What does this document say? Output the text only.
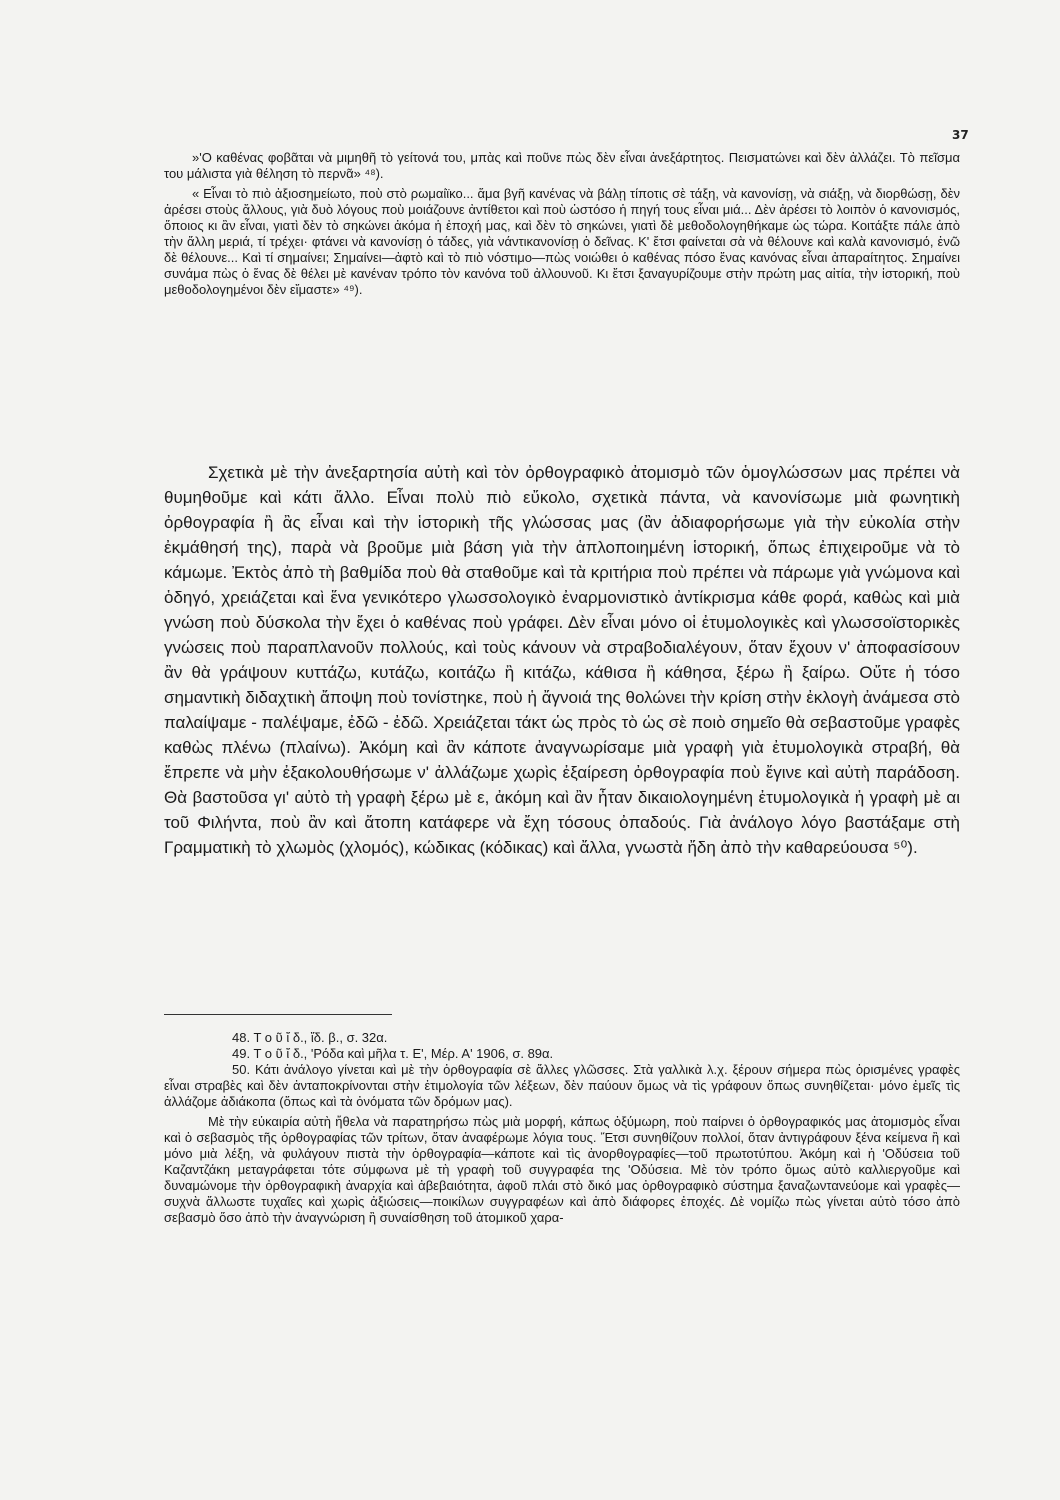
37

»'Ο καθένας φοβᾶται νὰ μιμηθῆ τὸ γείτονά του, μπὰς καὶ ποῦνε πὼς δὲν εἶναι ἀνεξάρτητος. Πεισματώνει καὶ δὲν ἀλλάζει. Τὸ πεῖσμα του μάλιστα γιὰ θέληση τὸ περνᾶ» ⁴⁸).

« Εἶναι τὸ πιὸ ἀξιοσημείωτο, ποὺ στὸ ρωμαίϊκο... ἅμα βγῆ κανένας νὰ βάλῃ τίποτις σὲ τάξη, νὰ κανονίσῃ, νὰ σιάξῃ, νὰ διορθώσῃ, δὲν ἀρέσει στοὺς ἄλλους, γιὰ δυὸ λόγους ποὺ μοιάζουνε ἀντίθετοι καὶ ποὺ ὡστόσο ἡ πηγή τους εἶναι μιά... Δὲν ἀρέσει τὸ λοιπὸν ὁ κανονισμός, ὅποιος κι ἂν εἶναι, γιατὶ δὲν τὸ σηκώνει ἀκόμα ἡ ἐποχή μας, καὶ δὲν τὸ σηκώνει, γιατὶ δὲ μεθοδολογηθήκαμε ὡς τώρα. Κοιτάξτε πάλε ἀπὸ τὴν ἄλλη μεριά, τί τρέχει· φτάνει νὰ κανονίσῃ ὁ τάδες, γιὰ νάντικανονίσῃ ὁ δεῖνας. Κ' ἔτσι φαίνεται σὰ νὰ θέλουνε καὶ καλὰ κανονισμό, ἐνῶ δὲ θέλουνε... Καὶ τί σημαίνει; Σημαίνει—ἀφτὸ καὶ τὸ πιὸ νόστιμο—πὼς νοιώθει ὁ καθένας πόσο ἕνας κανόνας εἶναι ἀπαραίτητος. Σημαίνει συνάμα πὼς ὁ ἕνας δὲ θέλει μὲ κανέναν τρόπο τὸν κανόνα τοῦ ἀλλουνοῦ. Κι ἔτσι ξαναγυρίζουμε στὴν πρώτη μας αἰτία, τὴν ἱστορική, ποὺ μεθοδολογημένοι δὲν εἴμαστε» ⁴⁹).

Σχετικὰ μὲ τὴν ἀνεξαρτησία αὐτὴ καὶ τὸν ὀρθογραφικὸ ἀτομισμὸ τῶν ὁμογλώσσων μας πρέπει νὰ θυμηθοῦμε καὶ κάτι ἄλλο. Εἶναι πολὺ πιὸ εὔκολο, σχετικὰ πάντα, νὰ κανονίσωμε μιὰ φωνητικὴ ὀρθογραφία ἢ ἂς εἶναι καὶ τὴν ἱστορικὴ τῆς γλώσσας μας (ἂν ἀδιαφορήσωμε γιὰ τὴν εὐκολία στὴν ἐκμάθησή της), παρὰ νὰ βροῦμε μιὰ βάση γιὰ τὴν ἁπλοποιημένη ἱστορική, ὅπως ἐπιχειροῦμε νὰ τὸ κάμωμε. Ἐκτὸς ἀπὸ τὴ βαθμίδα ποὺ θὰ σταθοῦμε καὶ τὰ κριτήρια ποὺ πρέπει νὰ πάρωμε γιὰ γνώμονα καὶ ὁδηγό, χρειάζεται καὶ ἕνα γενικότερο γλωσσολογικὸ ἐναρμονιστικὸ ἀντίκρισμα κάθε φορά, καθὼς καὶ μιὰ γνώση ποὺ δύσκολα τὴν ἔχει ὁ καθένας ποὺ γράφει. Δὲν εἶναι μόνο οἱ ἐτυμολογικὲς καὶ γλωσσοϊστορικὲς γνώσεις ποὺ παραπλανοῦν πολλούς, καὶ τοὺς κάνουν νὰ στραβοδιαλέγουν, ὅταν ἔχουν ν' ἀποφασίσουν ἂν θὰ γράψουν κυττάζω, κυτάζω, κοιτάζω ἢ κιτάζω, κάθισα ἢ κάθησα, ξέρω ἢ ξαίρω. Οὔτε ἡ τόσο σημαντικὴ διδαχτικὴ ἄποψη ποὺ τονίστηκε, ποὺ ἡ ἄγνοιά της θολώνει τὴν κρίση στὴν ἐκλογὴ ἀνάμεσα στὸ παλαίψαμε - παλέψαμε, ἐδῶ - ἐδῶ. Χρειάζεται τάκτ ὡς πρὸς τὸ ὡς σὲ ποιὸ σημεῖο θὰ σεβαστοῦμε γραφὲς καθὼς πλένω (πλαίνω). Ἀκόμη καὶ ἂν κάποτε ἀναγνωρίσαμε μιὰ γραφὴ γιὰ ἐτυμολογικὰ στραβή, θὰ ἔπρεπε νὰ μὴν ἐξακολουθήσωμε ν' ἀλλάζωμε χωρὶς ἐξαίρεση ὀρθογραφία ποὺ ἔγινε καὶ αὐτὴ παράδοση. Θὰ βαστοῦσα γι' αὐτὸ τὴ γραφὴ ξέρω μὲ ε, ἀκόμη καὶ ἂν ἦταν δικαιολογημένη ἐτυμολογικὰ ἡ γραφὴ μὲ αι τοῦ Φιλήντα, ποὺ ἂν καὶ ἄτοπη κατάφερε νὰ ἔχη τόσους ὀπαδούς. Γιὰ ἀνάλογο λόγο βαστάξαμε στὴ Γραμματικὴ τὸ χλωμὸς (χλομός), κώδικας (κόδικας) καὶ ἄλλα, γνωστὰ ἤδη ἀπὸ τὴν καθαρεύουσα ⁵⁰).

48. Τ ο ῦ ἴ δ., ἴδ. β., σ. 32α.

49. Τ ο ῦ ἴ δ., 'Ρόδα καὶ μῆλα τ. Ε', Μέρ. Α' 1906, σ. 89α.

50. Κάτι ἀνάλογο γίνεται καὶ μὲ τὴν ὀρθογραφία σὲ ἄλλες γλῶσσες. Στὰ γαλλικὰ λ.χ. ξέρουν σήμερα πὼς ὁρισμένες γραφὲς εἶναι στραβὲς καὶ δὲν ἀνταποκρίνονται στὴν ἐτιμολογία τῶν λέξεων, δὲν παύουν ὅμως νὰ τὶς γράφουν ὅπως συνηθίζεται· μόνο ἐμεῖς τὶς ἀλλάζομε ἀδιάκοπα (ὅπως καὶ τὰ ὀνόματα τῶν δρόμων μας).

Μὲ τὴν εὐκαιρία αὐτὴ ἤθελα νὰ παρατηρήσω πὼς μιὰ μορφή, κάπως ὀξύμωρη, ποὺ παίρνει ὁ ὀρθογραφικός μας ἀτομισμὸς εἶναι καὶ ὁ σεβασμὸς τῆς ὀρθογραφίας τῶν τρίτων, ὅταν ἀναφέρωμε λόγια τους. Ἔτσι συνηθίζουν πολλοί, ὅταν ἀντιγράφουν ξένα κείμενα ἢ καὶ μόνο μιὰ λέξη, νὰ φυλάγουν πιστὰ τὴν ὀρθογραφία—κάποτε καὶ τὶς ἀνορθογραφίες—τοῦ πρωτοτύπου. Ἀκόμη καὶ ἡ 'Οδύσεια τοῦ Καζαντζάκη μεταγράφεται τότε σύμφωνα μὲ τὴ γραφὴ τοῦ συγγραφέα της 'Οδύσεια. Μὲ τὸν τρόπο ὅμως αὐτὸ καλλιεργοῦμε καὶ δυναμώνομε τὴν ὀρθογραφικὴ ἀναρχία καὶ ἀβεβαιότητα, ἀφοῦ πλάι στὸ δικό μας ὀρθογραφικὸ σύστημα ξαναζωντανεύομε καὶ γραφὲς—συχνὰ ἄλλωστε τυχαῖες καὶ χωρὶς ἀξιώσεις—ποικίλων συγγραφέων καὶ ἀπὸ διάφορες ἐποχές. Δὲ νομίζω πὼς γίνεται αὐτὸ τόσο ἀπὸ σεβασμὸ ὅσο ἀπὸ τὴν ἀναγνώριση ἢ συναίσθηση τοῦ ἀτομικοῦ χαρα-
